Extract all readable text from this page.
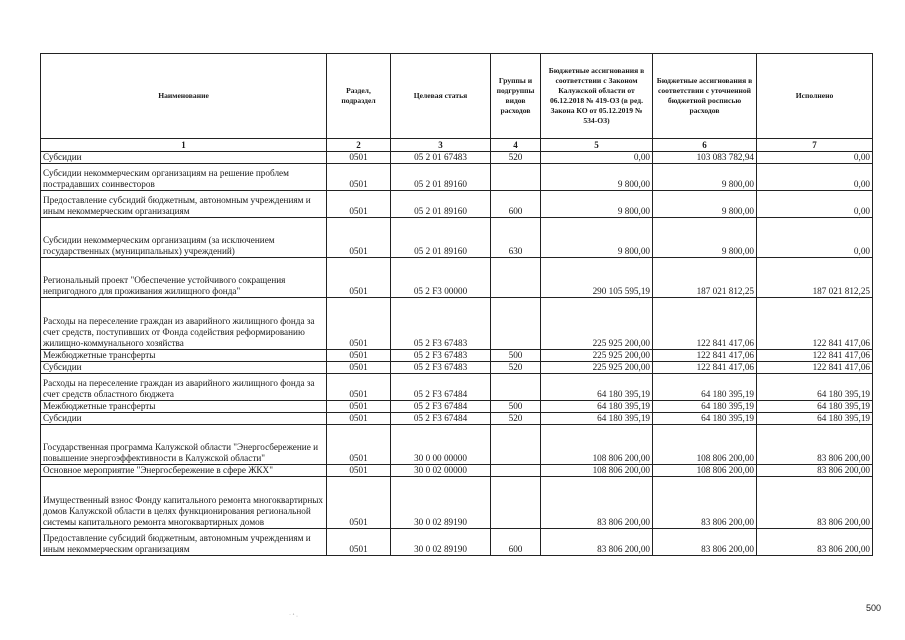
Наименование	Раздел, подраздел	Целевая статья	Группы и подгруппы видов расходов	Бюджетные ассигнования в соответствии с Законом Калужской области от 06.12.2018 № 419-ОЗ (в ред. Закона КО от 05.12.2019 № 534-ОЗ)	Бюджетные ассигнования в соответствии с уточненной бюджетной росписью расходов	Исполнено
1	2	3	4	5	6	7
Субсидии	0501	05 2 01 67483	520	0,00	103 083 782,94	0,00
Субсидии некоммерческим организациям на решение проблем пострадавших соинвесторов	0501	05 2 01 89160		9 800,00	9 800,00	0,00
Предоставление субсидий бюджетным, автономным учреждениям и иным некоммерческим организациям	0501	05 2 01 89160	600	9 800,00	9 800,00	0,00
Субсидии некоммерческим организациям (за исключением государственных (муниципальных) учреждений)	0501	05 2 01 89160	630	9 800,00	9 800,00	0,00
Региональный проект "Обеспечение устойчивого сокращения непригодного для проживания жилищного фонда"	0501	05 2 F3 00000		290 105 595,19	187 021 812,25	187 021 812,25
Расходы на переселение граждан из аварийного жилищного фонда за счет средств, поступивших от Фонда содействия реформированию жилищно-коммунального хозяйства	0501	05 2 F3 67483		225 925 200,00	122 841 417,06	122 841 417,06
Межбюджетные трансферты	0501	05 2 F3 67483	500	225 925 200,00	122 841 417,06	122 841 417,06
Субсидии	0501	05 2 F3 67483	520	225 925 200,00	122 841 417,06	122 841 417,06
Расходы на переселение граждан из аварийного жилищного фонда за счет средств областного бюджета	0501	05 2 F3 67484		64 180 395,19	64 180 395,19	64 180 395,19
Межбюджетные трансферты	0501	05 2 F3 67484	500	64 180 395,19	64 180 395,19	64 180 395,19
Субсидии	0501	05 2 F3 67484	520	64 180 395,19	64 180 395,19	64 180 395,19
Государственная программа Калужской области "Энергосбережение и повышение энергоэффективности в Калужской области"	0501	30 0 00 00000		108 806 200,00	108 806 200,00	83 806 200,00
Основное мероприятие "Энергосбережение в сфере ЖКХ"	0501	30 0 02 00000		108 806 200,00	108 806 200,00	83 806 200,00
Имущественный взнос Фонду капитального ремонта многоквартирных домов Калужской области в целях функционирования региональной системы капитального ремонта многоквартирных домов	0501	30 0 02 89190		83 806 200,00	83 806 200,00	83 806 200,00
Предоставление субсидий бюджетным, автономным учреждениям и иным некоммерческим организациям	0501	30 0 02 89190	600	83 806 200,00	83 806 200,00	83 806 200,00
˙ ˚ ·
500
